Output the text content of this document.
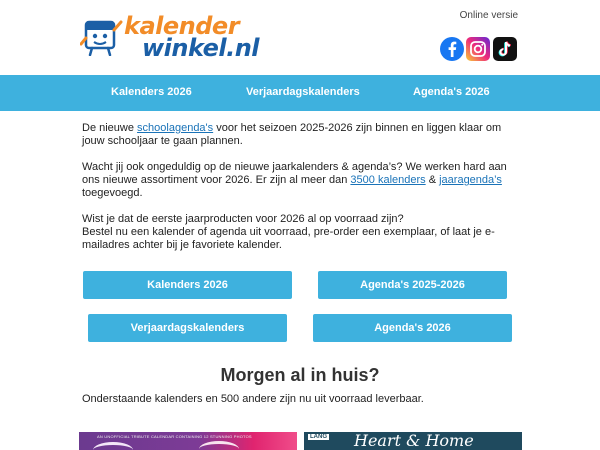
kalender
winkel.nl
Online versie
Kalenders 2026	Verjaardagskalenders	Agenda's 2026

De nieuwe schoolagenda's voor het seizoen 2025-2026 zijn binnen en liggen klaar om jouw schooljaar te gaan plannen.

Wacht jij ook ongeduldig op de nieuwe jaarkalenders & agenda’s? We werken hard aan ons nieuwe assortiment voor 2026. Er zijn al meer dan 3500 kalenders & jaaragenda’s toegevoegd.

Wist je dat de eerste jaarproducten voor 2026 al op voorraad zijn?
Bestel nu een kalender of agenda uit voorraad, pre-order een exemplaar, of laat je e-mailadres achter bij je favoriete kalender.

Kalenders 2026	Agenda's 2025-2026
Verjaardagskalenders	Agenda's 2026
Morgen al in huis?
Onderstaande kalenders en 500 andere zijn nu uit voorraad leverbaar.
AN UNOFFICIAL TRIBUTE CALENDAR CONTAINING 12 STUNNING PHOTOS	LANG Heart & Home
